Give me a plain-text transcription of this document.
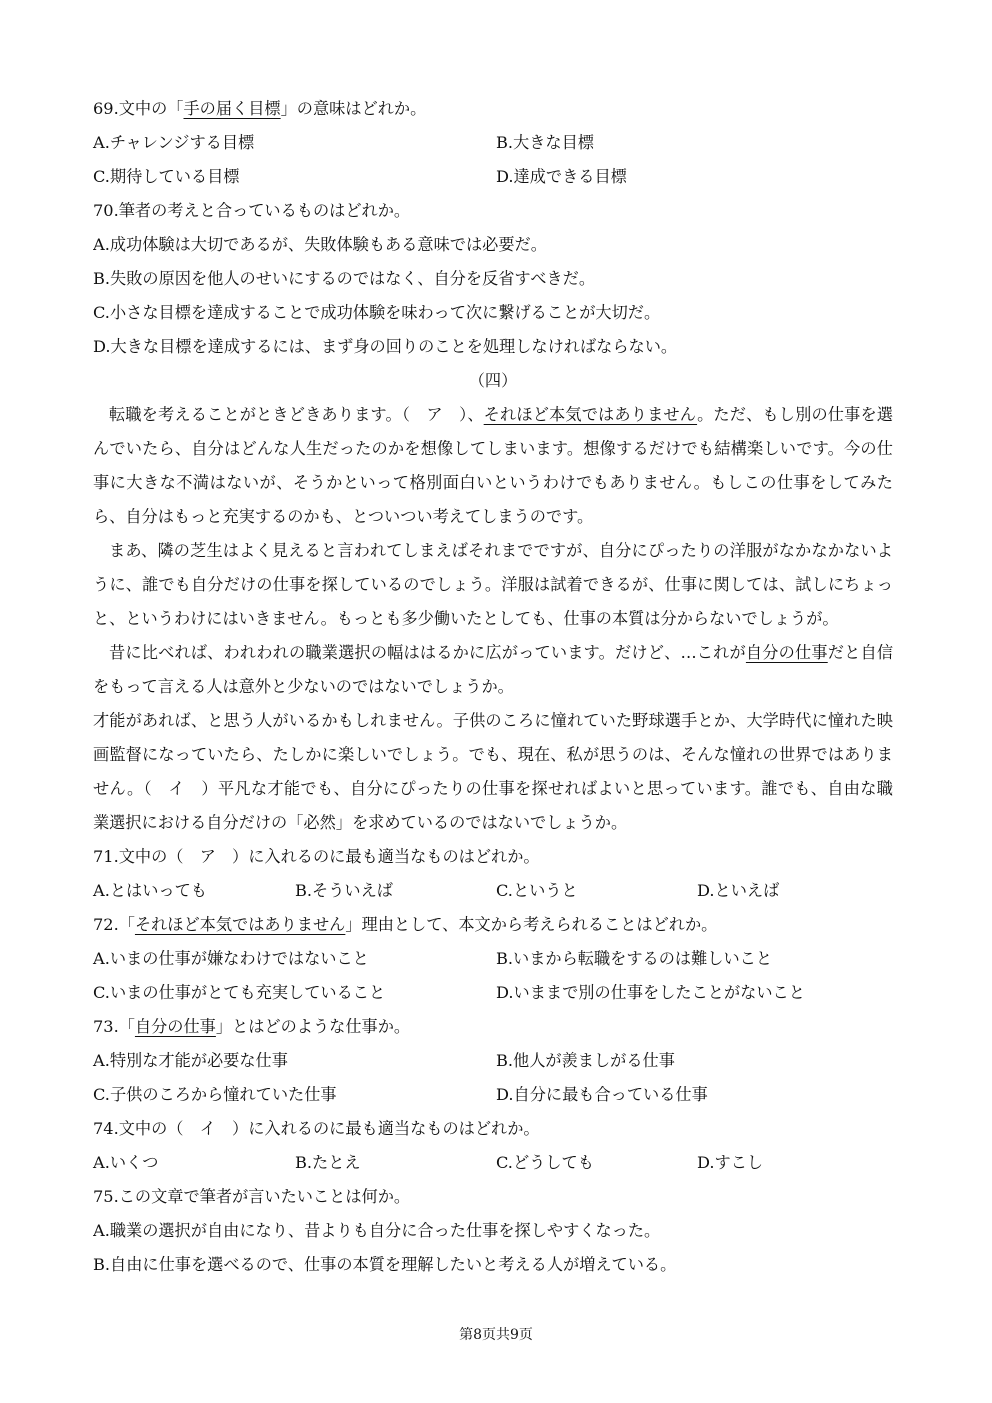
69.文中の「手の届く目標」の意味はどれか。
A.チャレンジする目標	B.大きな目標
C.期待している目標	D.達成できる目標
70.筆者の考えと合っているものはどれか。
A.成功体験は大切であるが、失敗体験もある意味では必要だ。
B.失敗の原因を他人のせいにするのではなく、自分を反省すべきだ。
C.小さな目標を達成することで成功体験を味わって次に繋げることが大切だ。
D.大きな目標を達成するには、まず身の回りのことを処理しなければならない。
（四）
転職を考えることがときどきあります。（　ア　）、それほど本気ではありません。ただ、もし別の仕事を選んでいたら、自分はどんな人生だったのかを想像してしまいます。想像するだけでも結構楽しいです。今の仕事に大きな不満はないが、そうかといって格別面白いというわけでもありません。もしこの仕事をしてみたら、自分はもっと充実するのかも、とついつい考えてしまうのです。
まあ、隣の芝生はよく見えると言われてしまえばそれまでですが、自分にぴったりの洋服がなかなかないように、誰でも自分だけの仕事を探しているのでしょう。洋服は試着できるが、仕事に関しては、試しにちょっと、というわけにはいきません。もっとも多少働いたとしても、仕事の本質は分からないでしょうが。
昔に比べれば、われわれの職業選択の幅ははるかに広がっています。だけど、…これが自分の仕事だと自信をもって言える人は意外と少ないのではないでしょうか。
才能があれば、と思う人がいるかもしれません。子供のころに憧れていた野球選手とか、大学時代に憧れた映画監督になっていたら、たしかに楽しいでしょう。でも、現在、私が思うのは、そんな憧れの世界ではありません。（　イ　）平凡な才能でも、自分にぴったりの仕事を探せればよいと思っています。誰でも、自由な職業選択における自分だけの「必然」を求めているのではないでしょうか。
71.文中の（　ア　）に入れるのに最も適当なものはどれか。
A.とはいっても	B.そういえば	C.というと	D.といえば
72.「それほど本気ではありません」理由として、本文から考えられることはどれか。
A.いまの仕事が嫌なわけではないこと	B.いまから転職をするのは難しいこと
C.いまの仕事がとても充実していること	D.いままで別の仕事をしたことがないこと
73.「自分の仕事」とはどのような仕事か。
A.特別な才能が必要な仕事	B.他人が羨ましがる仕事
C.子供のころから憧れていた仕事	D.自分に最も合っている仕事
74.文中の（　イ　）に入れるのに最も適当なものはどれか。
A.いくつ	B.たとえ	C.どうしても	D.すこし
75.この文章で筆者が言いたいことは何か。
A.職業の選択が自由になり、昔よりも自分に合った仕事を探しやすくなった。
B.自由に仕事を選べるので、仕事の本質を理解したいと考える人が増えている。
第8页共9页
